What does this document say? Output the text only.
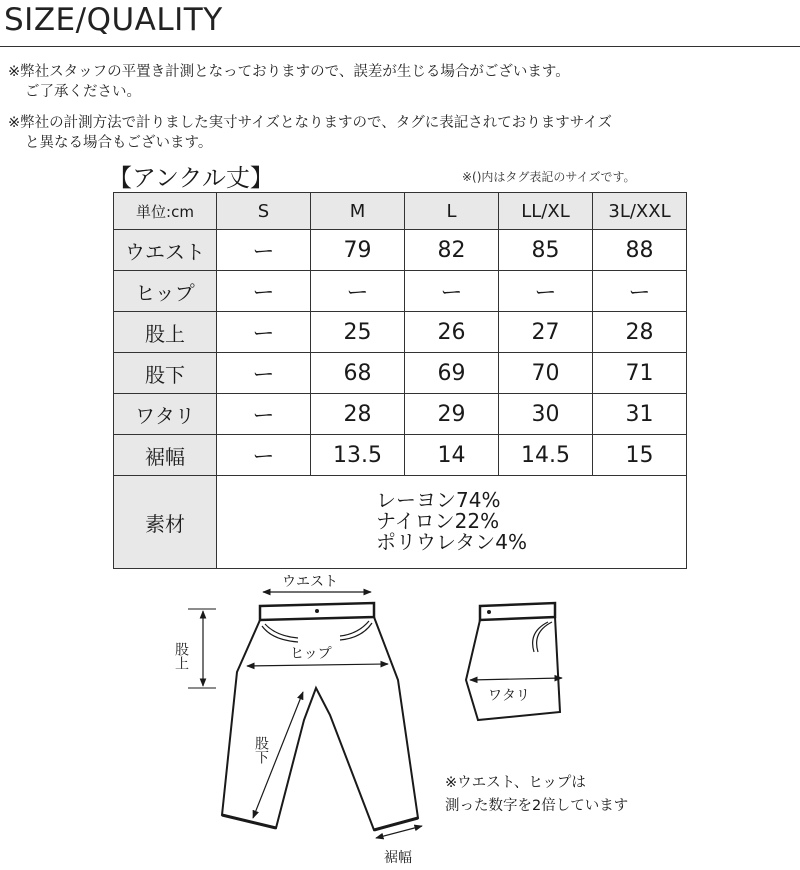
SIZE/QUALITY
※弊社スタッフの平置き計測となっておりますので、誤差が生じる場合がございます。
ご了承ください。
※弊社の計測方法で計りました実寸サイズとなりますので、タグに表記されておりますサイズ
と異なる場合もございます。
【アンクル丈】	※()内はタグ表記のサイズです。
単位:cm	S	M	L	LL/XL	3L/XXL
ウエスト	ー	79	82	85	88
ヒップ	ー	ー	ー	ー	ー
股上	ー	25	26	27	28
股下	ー	68	69	70	71
ワタリ	ー	28	29	30	31
裾幅	ー	13.5	14	14.5	15
素材	レーヨン74%
ナイロン22%
ポリウレタン4%				
ウエスト
ヒップ
股上
股下
裾幅
ワタリ
※ウエスト、ヒップは
測った数字を2倍しています
